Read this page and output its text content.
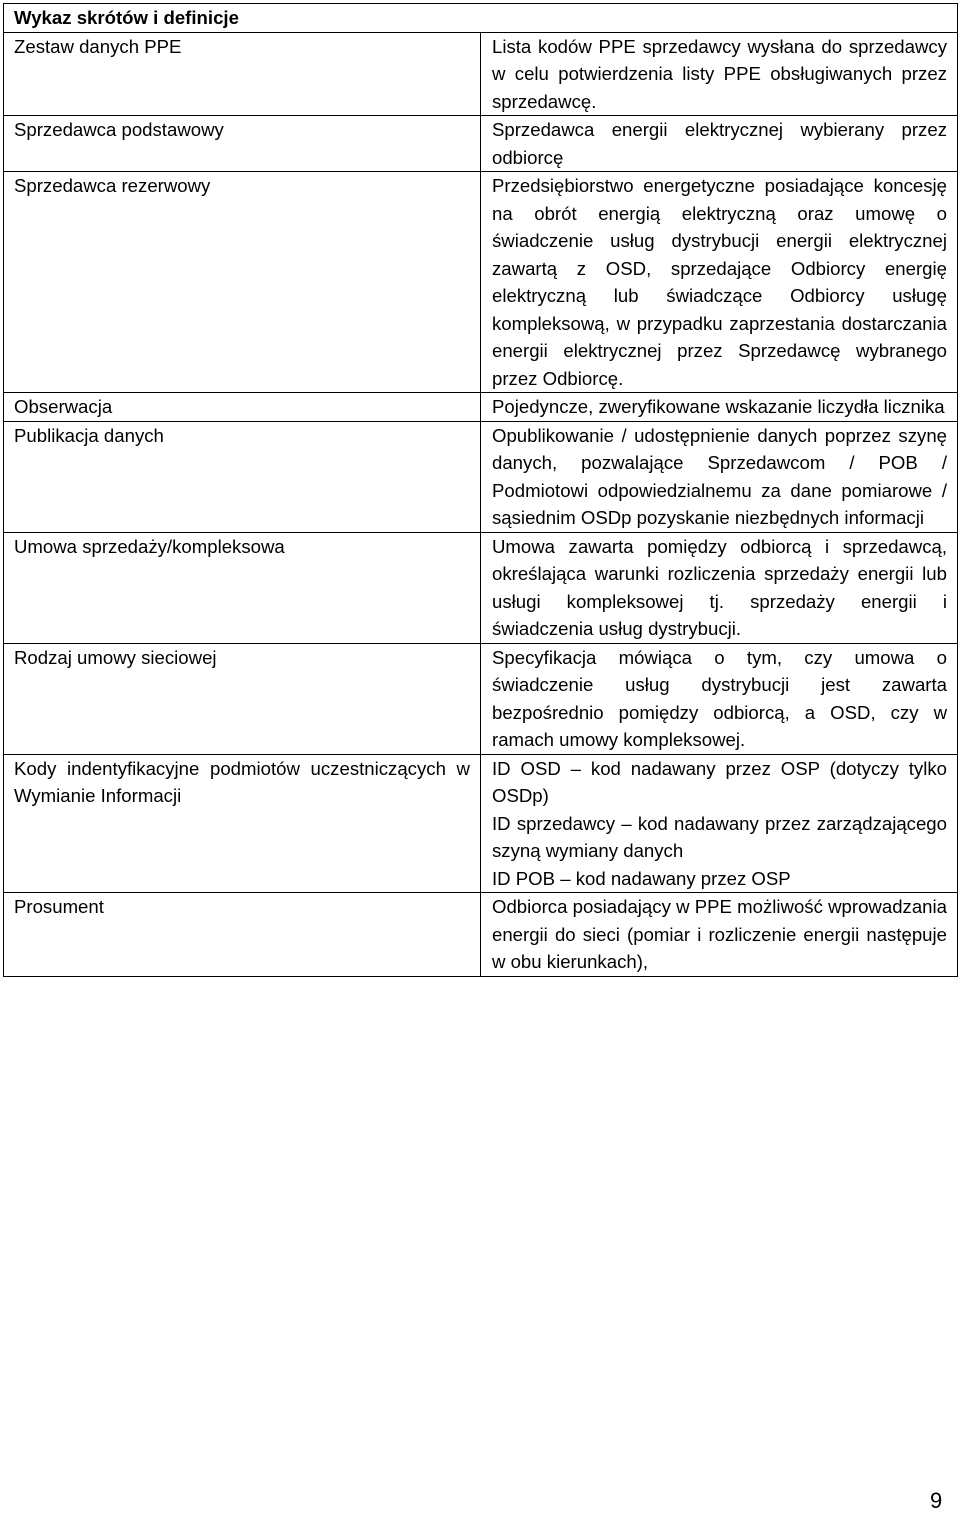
Wykaz skrótów i definicje	
Zestaw danych PPE	Lista kodów PPE sprzedawcy wysłana do sprzedawcy w celu potwierdzenia listy PPE obsługiwanych przez sprzedawcę.
Sprzedawca podstawowy	Sprzedawca energii elektrycznej wybierany przez odbiorcę
Sprzedawca rezerwowy	Przedsiębiorstwo energetyczne posiadające koncesję na obrót energią elektryczną oraz umowę o świadczenie usług dystrybucji energii elektrycznej zawartą z OSD, sprzedające Odbiorcy energię elektryczną lub świadczące Odbiorcy usługę kompleksową, w przypadku zaprzestania dostarczania energii elektrycznej przez Sprzedawcę wybranego przez Odbiorcę.
Obserwacja	Pojedyncze, zweryfikowane wskazanie liczydła licznika
Publikacja danych	Opublikowanie / udostępnienie danych poprzez szynę danych, pozwalające Sprzedawcom / POB / Podmiotowi odpowiedzialnemu za dane pomiarowe / sąsiednim OSDp pozyskanie niezbędnych informacji
Umowa sprzedaży/kompleksowa	Umowa zawarta pomiędzy odbiorcą i sprzedawcą, określająca warunki rozliczenia sprzedaży energii lub usługi kompleksowej tj. sprzedaży energii i świadczenia usług dystrybucji.
Rodzaj umowy sieciowej	Specyfikacja mówiąca o tym, czy umowa o świadczenie usług dystrybucji jest zawarta bezpośrednio pomiędzy odbiorcą, a OSD, czy w ramach umowy kompleksowej.
Kody indentyfikacyjne podmiotów uczestniczących w Wymianie Informacji	ID OSD – kod nadawany przez OSP (dotyczy tylko OSDp)
ID sprzedawcy – kod nadawany przez zarządzającego szyną wymiany danych
ID POB – kod nadawany przez OSP

Prosument	Odbiorca posiadający w PPE możliwość wprowadzania energii do sieci (pomiar i rozliczenie energii następuje w obu kierunkach),
9
